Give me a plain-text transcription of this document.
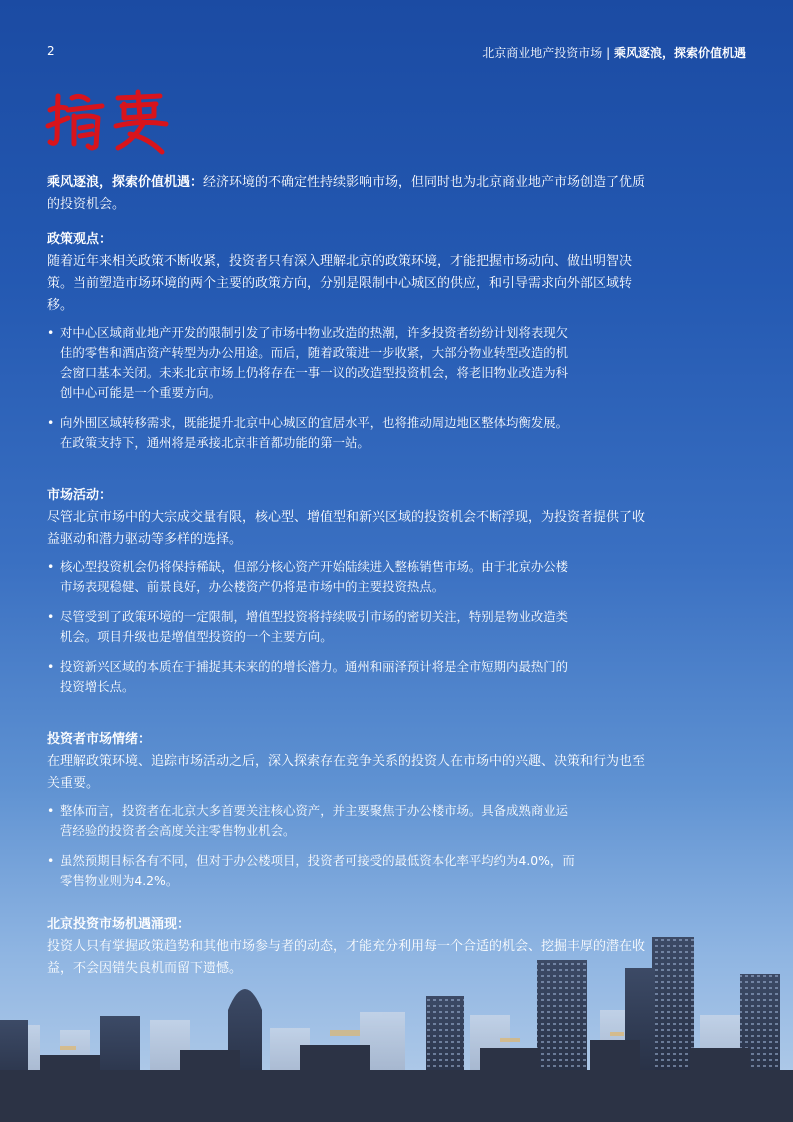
2	北京商业地产投资市场 | 乘风逐浪，探索价值机遇

乘风逐浪，探索价值机遇：经济环境的不确定性持续影响市场，但同时也为北京商业地产市场创造了优质的投资机会。

政策观点：

随着近年来相关政策不断收紧，投资者只有深入理解北京的政策环境，才能把握市场动向、做出明智决策。当前塑造市场环境的两个主要的政策方向，分别是限制中心城区的供应，和引导需求向外部区域转移。

• 对中心区域商业地产开发的限制引发了市场中物业改造的热潮，许多投资者纷纷计划将表现欠佳的零售和酒店资产转型为办公用途。而后，随着政策进一步收紧，大部分物业转型改造的机会窗口基本关闭。未来北京市场上仍将存在一事一议的改造型投资机会，将老旧物业改造为科创中心可能是一个重要方向。
• 向外围区域转移需求，既能提升北京中心城区的宜居水平，也将推动周边地区整体均衡发展。在政策支持下，通州将是承接北京非首都功能的第一站。
市场活动：

尽管北京市场中的大宗成交量有限，核心型、增值型和新兴区域的投资机会不断浮现，为投资者提供了收益驱动和潜力驱动等多样的选择。

• 核心型投资机会仍将保持稀缺，但部分核心资产开始陆续进入整栋销售市场。由于北京办公楼市场表现稳健、前景良好，办公楼资产仍将是市场中的主要投资热点。
• 尽管受到了政策环境的一定限制，增值型投资将持续吸引市场的密切关注，特别是物业改造类机会。项目升级也是增值型投资的一个主要方向。
• 投资新兴区域的本质在于捕捉其未来的的增长潜力。通州和丽泽预计将是全市短期内最热门的投资增长点。
投资者市场情绪：

在理解政策环境、追踪市场活动之后，深入探索存在竞争关系的投资人在市场中的兴趣、决策和行为也至关重要。

• 整体而言，投资者在北京大多首要关注核心资产，并主要聚焦于办公楼市场。具备成熟商业运营经验的投资者会高度关注零售物业机会。
• 虽然预期目标各有不同，但对于办公楼项目，投资者可接受的最低资本化率平均约为4.0%，而零售物业则为4.2%。
北京投资市场机遇涌现：

投资人只有掌握政策趋势和其他市场参与者的动态，才能充分利用每一个合适的机会、挖掘丰厚的潜在收益，不会因错失良机而留下遗憾。
